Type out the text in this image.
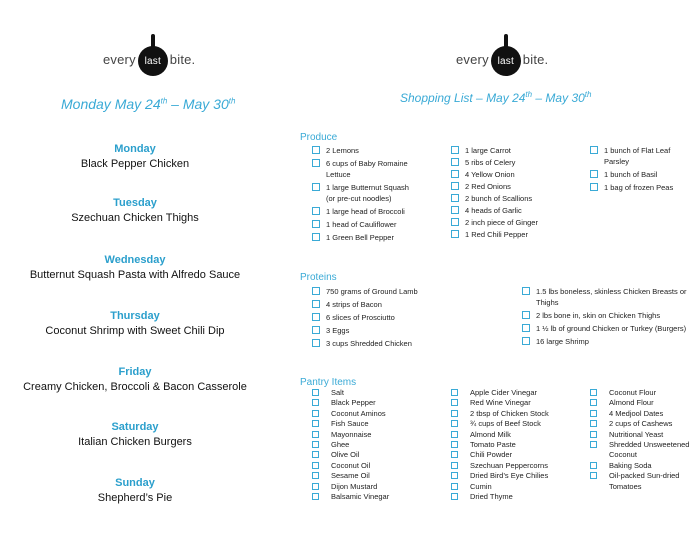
every last bite.	every last bite.
Monday May 24th – May 30th
Monday
Black Pepper Chicken
Tuesday
Szechuan Chicken Thighs
Wednesday
Butternut Squash Pasta with Alfredo Sauce
Thursday
Coconut Shrimp with Sweet Chili Dip
Friday
Creamy Chicken, Broccoli & Bacon Casserole
Saturday
Italian Chicken Burgers
Sunday
Shepherd’s Pie
Shopping List – May 24th – May 30th
Produce
2 Lemons
6 cups of Baby Romaine Lettuce
1 large Butternut Squash (or pre-cut noodles)
1 large head of Broccoli
1 head of Cauliflower
1 Green Bell Pepper
1 large Carrot
5 ribs of Celery
4 Yellow Onion
2 Red Onions
2 bunch of Scallions
4 heads of Garlic
2 inch piece of Ginger
1 Red Chili Pepper
1 bunch of Flat Leaf Parsley
1 bunch of Basil
1 bag of frozen Peas
Proteins
750 grams of Ground Lamb
4 strips of Bacon
6 slices of Prosciutto
3 Eggs
3 cups Shredded Chicken
1.5 lbs boneless, skinless Chicken Breasts or Thighs
2 lbs bone in, skin on Chicken Thighs
1 ½ lb of ground Chicken or Turkey (Burgers)
16 large Shrimp
Pantry Items
Salt
Black Pepper
Coconut Aminos
Fish Sauce
Mayonnaise
Ghee
Olive Oil
Coconut Oil
Sesame Oil
Dijon Mustard
Balsamic Vinegar
Apple Cider Vinegar
Red Wine Vinegar
2 tbsp of Chicken Stock
¾ cups of Beef Stock
Almond Milk
Tomato Paste
Chili Powder
Szechuan Peppercorns
Dried Bird’s Eye Chilies
Cumin
Dried Thyme
Coconut Flour
Almond Flour
4 Medjool Dates
2 cups of Cashews
Nutritional Yeast
Shredded Unsweetened Coconut
Baking Soda
Oil-packed Sun-dried Tomatoes
